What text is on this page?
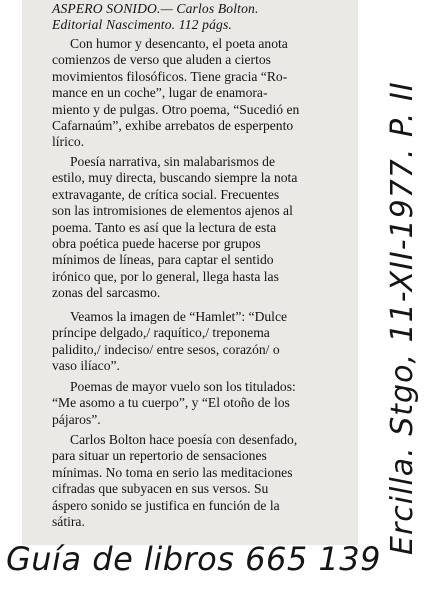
ASPERO SONIDO.— Carlos Bolton.
Editorial Nascimento. 112 págs.
Con humor y desencanto, el poeta anota
comienzos de verso que aluden a ciertos
movimientos filosóficos. Tiene gracia “Ro-
mance en un coche”, lugar de enamora-
miento y de pulgas. Otro poema, “Sucedió en
Cafarnaúm”, exhibe arrebatos de esperpento
lírico.
Poesía narrativa, sin malabarismos de
estilo, muy directa, buscando siempre la nota
extravagante, de crítica social. Frecuentes
son las intromisiones de elementos ajenos al
poema. Tanto es así que la lectura de esta
obra poética puede hacerse por grupos
mínimos de líneas, para captar el sentido
irónico que, por lo general, llega hasta las
zonas del sarcasmo.
Veamos la imagen de “Hamlet”: “Dulce
príncipe delgado,/ raquítico,/ treponema
palidito,/ indeciso/ entre sesos, corazón/ o
vaso ilíaco”.
Poemas de mayor vuelo son los titulados:
“Me asomo a tu cuerpo”, y “El otoño de los
pájaros”.
Carlos Bolton hace poesía con desenfado,
para situar un repertorio de sensaciones
mínimas. No toma en serio las meditaciones
cifradas que subyacen en sus versos. Su
áspero sonido se justifica en función de la
sátira.	Ercilla. Stgo, 11-XII-1977. P. II
Guía de libros 665 139
